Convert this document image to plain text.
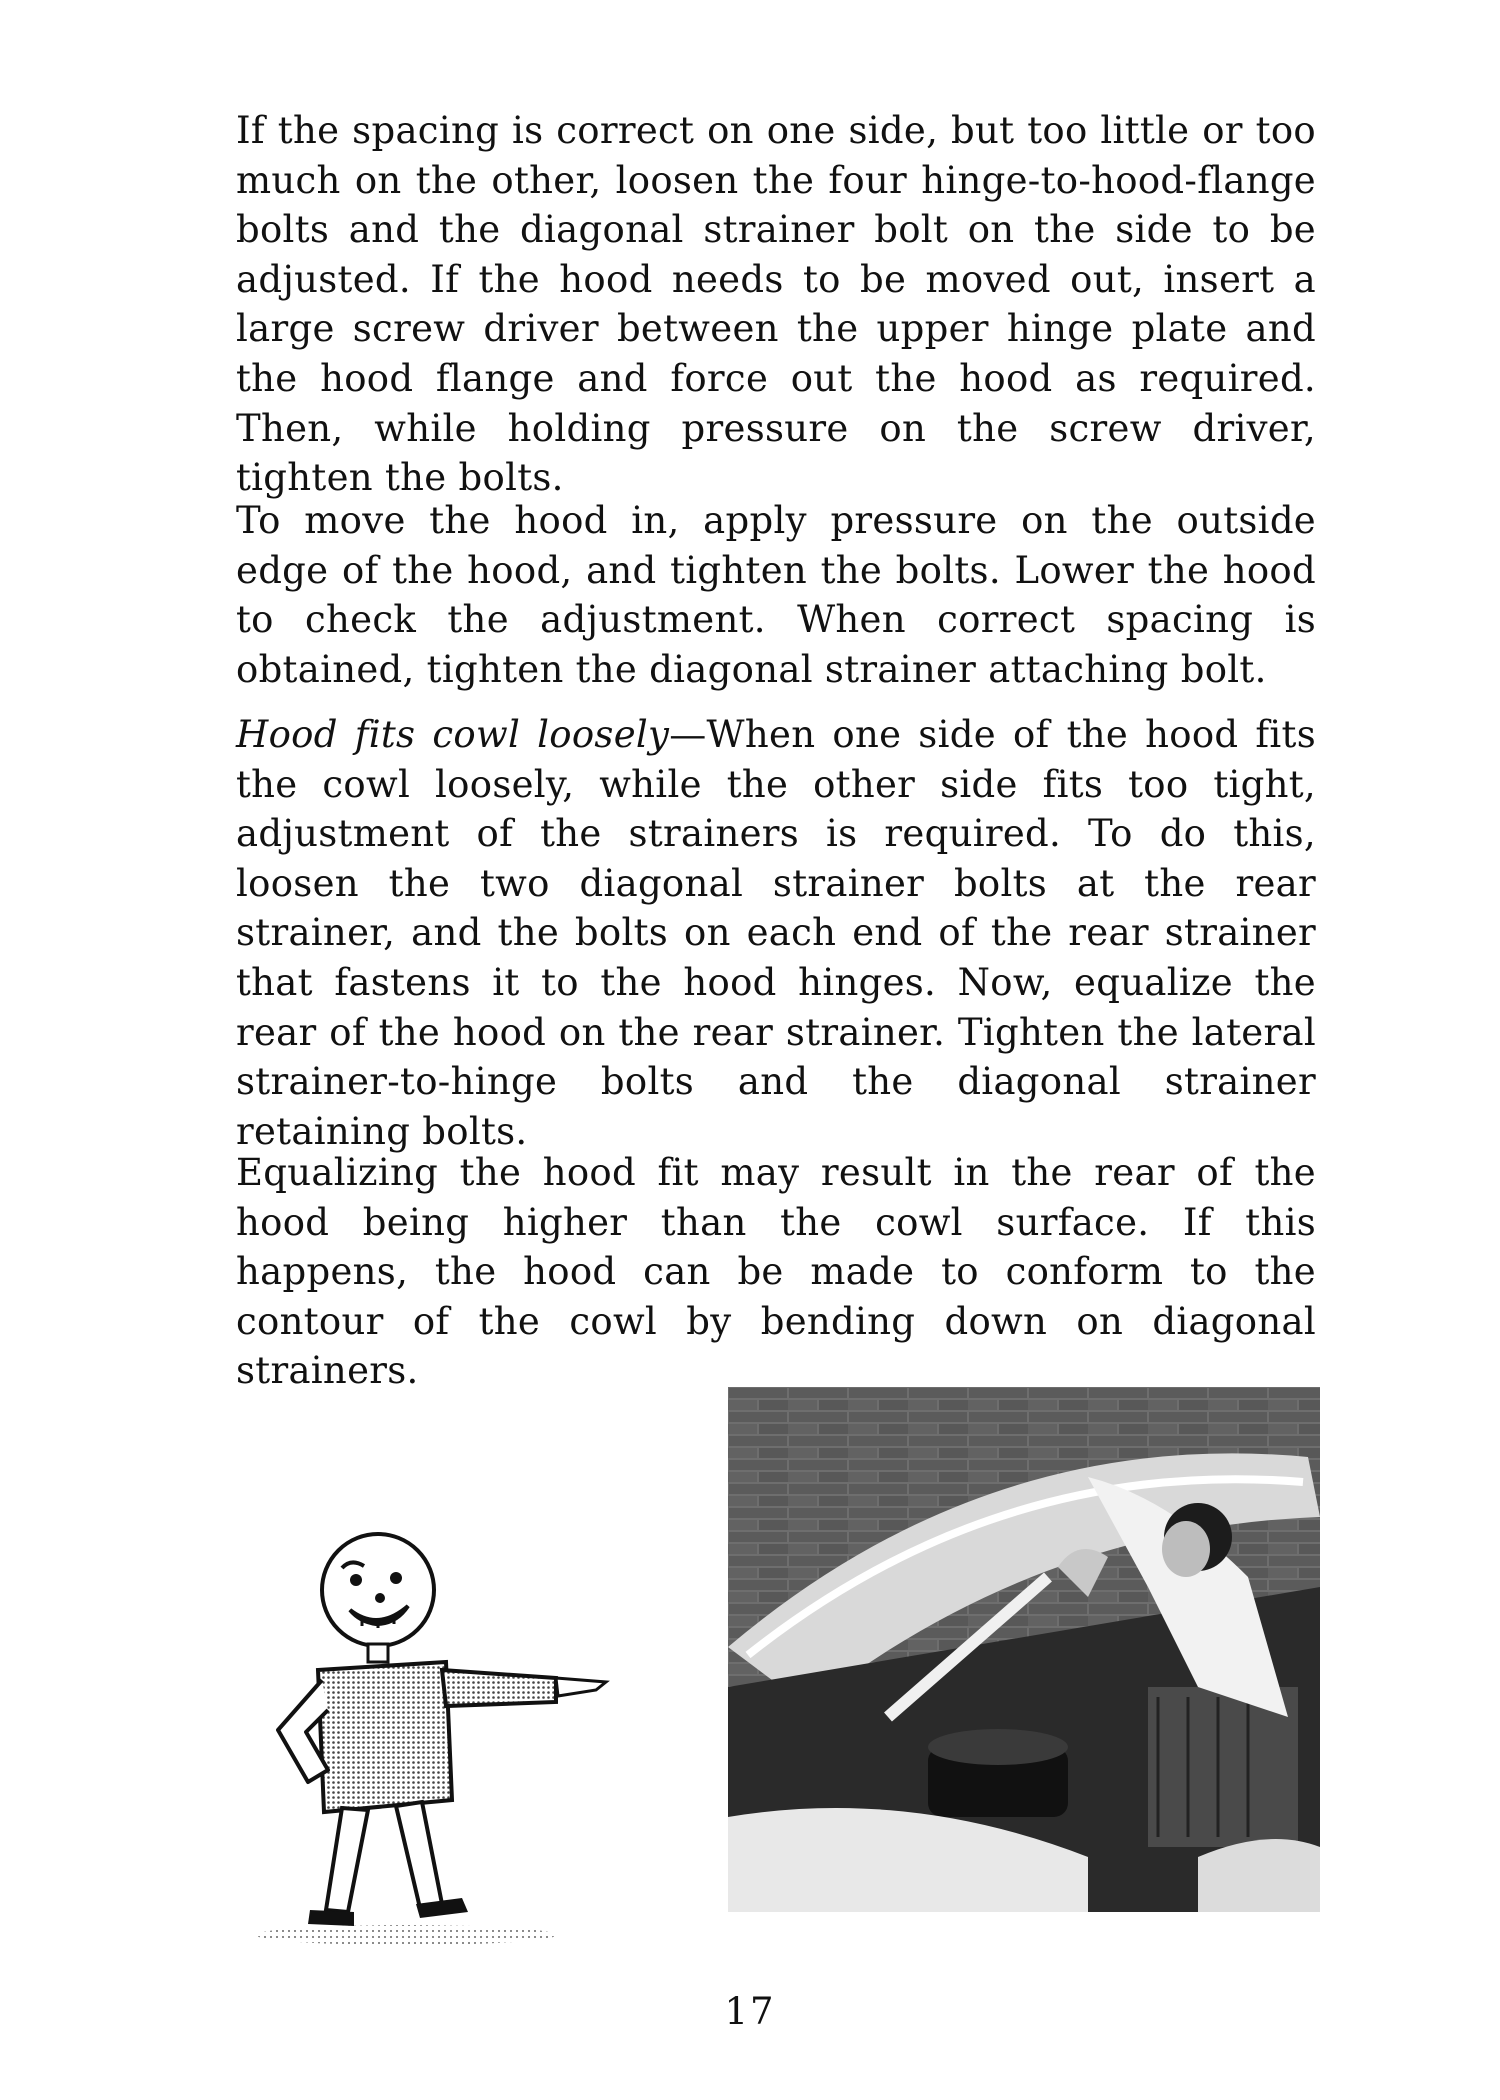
If the spacing is correct on one side, but too little or too much on the other, loosen the four hinge-to-hood-flange bolts and the diagonal strainer bolt on the side to be adjusted. If the hood needs to be moved out, insert a large screw driver between the upper hinge plate and the hood flange and force out the hood as required. Then, while holding pressure on the screw driver, tighten the bolts.

To move the hood in, apply pressure on the outside edge of the hood, and tighten the bolts. Lower the hood to check the adjustment. When correct spacing is obtained, tighten the diagonal strainer attaching bolt.

Hood fits cowl loosely—When one side of the hood fits the cowl loosely, while the other side fits too tight, adjustment of the strainers is required. To do this, loosen the two diagonal strainer bolts at the rear strainer, and the bolts on each end of the rear strainer that fastens it to the hood hinges. Now, equalize the rear of the hood on the rear strainer. Tighten the lateral strainer-to-hinge bolts and the diagonal strainer retaining bolts.

Equalizing the hood fit may result in the rear of the hood being higher than the cowl surface. If this happens, the hood can be made to conform to the contour of the cowl by bending down on diagonal strainers.

17
